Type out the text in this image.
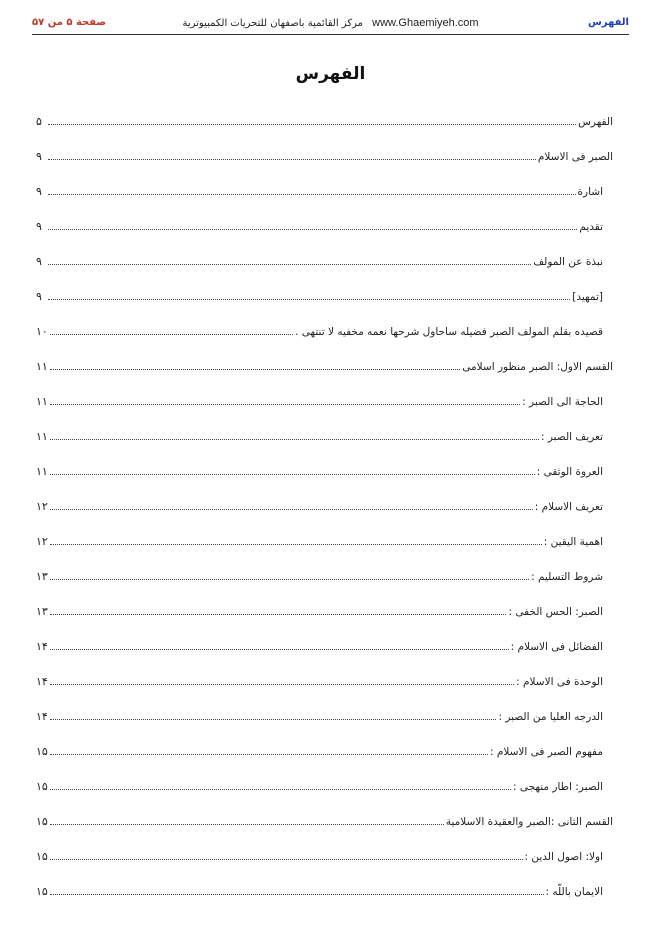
الفهرس
مركز القائمية باصفهان للتحريات الكمبيوترية www.Ghaemiyeh.com
صفحة ۵ من ۵۷
الفهرس
الفهرس
۵
الصبر فی الاسلام
۹
اشارة
۹
تقدیم
۹
نبذة عن المولف
۹
[تمهید]
۹
قصیده بقلم المولف الصبر فضیله ساحاول شرحها نعمه مخفیه لا تنتهی .
۱۰
القسم الاول: الصبر منظور اسلامی
۱۱
الحاجة الی الصبر :
۱۱
تعریف الصبر :
۱۱
العروة الوثقی :
۱۱
تعریف الاسلام :
۱۲
اهمیة الیقین :
۱۲
شروط التسلیم :
۱۳
الصبر: الحس الخفی :
۱۳
الفضائل فی الاسلام :
۱۴
الوحدة فی الاسلام :
۱۴
الدرجه العلیا من الصبر :
۱۴
مفهوم الصبر فی الاسلام :
۱۵
الصبر: اطار منهجی :
۱۵
القسم الثانی :الصبر والعقیدة الاسلامیة
۱۵
اولا: اصول الدین :
۱۵
الایمان باللّه :
۱۵
